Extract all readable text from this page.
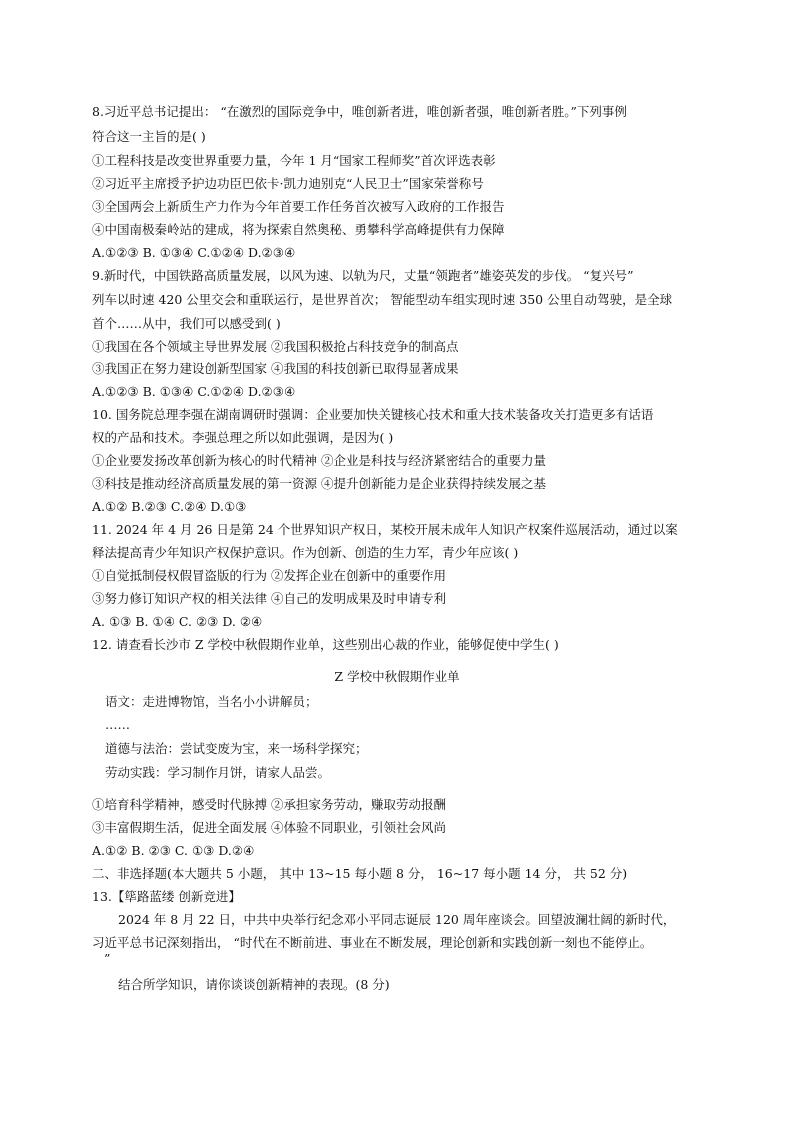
8.习近平总书记提出： “在激烈的国际竞争中，唯创新者进，唯创新者强，唯创新者胜。”下列事例
符合这一主旨的是( )
①工程科技是改变世界重要力量，今年 1 月“国家工程师奖”首次评选表彰
②习近平主席授予护边功臣巴依卡·凯力迪别克“人民卫士”国家荣誉称号
③全国两会上新质生产力作为今年首要工作任务首次被写入政府的工作报告
④中国南极秦岭站的建成，将为探索自然奥秘、勇攀科学高峰提供有力保障
A.①②③ B. ①③④ C.①②④ D.②③④
9.新时代，中国铁路高质量发展，以风为速、以轨为尺，丈量“领跑者”雄姿英发的步伐。 “复兴号”
列车以时速 420 公里交会和重联运行，是世界首次； 智能型动车组实现时速 350 公里自动驾驶，是全球
首个……从中，我们可以感受到( )
①我国在各个领域主导世界发展 ②我国积极抢占科技竞争的制高点
③我国正在努力建设创新型国家 ④我国的科技创新已取得显著成果
A.①②③ B. ①③④ C.①②④ D.②③④
10. 国务院总理李强在湖南调研时强调：企业要加快关键核心技术和重大技术装备攻关打造更多有话语
权的产品和技术。李强总理之所以如此强调，是因为( )
①企业要发扬改革创新为核心的时代精神 ②企业是科技与经济紧密结合的重要力量
③科技是推动经济高质量发展的第一资源 ④提升创新能力是企业获得持续发展之基
A.①② B.②③ C.②④ D.①③
11. 2024 年 4 月 26 日是第 24 个世界知识产权日，某校开展未成年人知识产权案件巡展活动，通过以案
释法提高青少年知识产权保护意识。作为创新、创造的生力军，青少年应该( )
①自觉抵制侵权假冒盗版的行为 ②发挥企业在创新中的重要作用
③努力修订知识产权的相关法律 ④自己的发明成果及时申请专利
A. ①③ B. ①④ C. ②③ D. ②④
12. 请查看长沙市 Z 学校中秋假期作业单，这些别出心裁的作业，能够促使中学生( )
Z 学校中秋假期作业单
语文：走进博物馆，当名小小讲解员；
……
道德与法治：尝试变废为宝，来一场科学探究；
劳动实践：学习制作月饼，请家人品尝。
①培育科学精神，感受时代脉搏 ②承担家务劳动，赚取劳动报酬
③丰富假期生活，促进全面发展 ④体验不同职业，引领社会风尚
A.①② B. ②③ C. ①③ D.②④
二、非选择题(本大题共 5 小题， 其中 13~15 每小题 8 分， 16~17 每小题 14 分， 共 52 分)
13.【筚路蓝缕 创新竞进】
2024 年 8 月 22 日，中共中央举行纪念邓小平同志诞辰 120 周年座谈会。回望波澜壮阔的新时代，
习近平总书记深刻指出， “时代在不断前进、事业在不断发展，理论创新和实践创新一刻也不能停止。
”
结合所学知识，请你谈谈创新精神的表现。(8 分)
